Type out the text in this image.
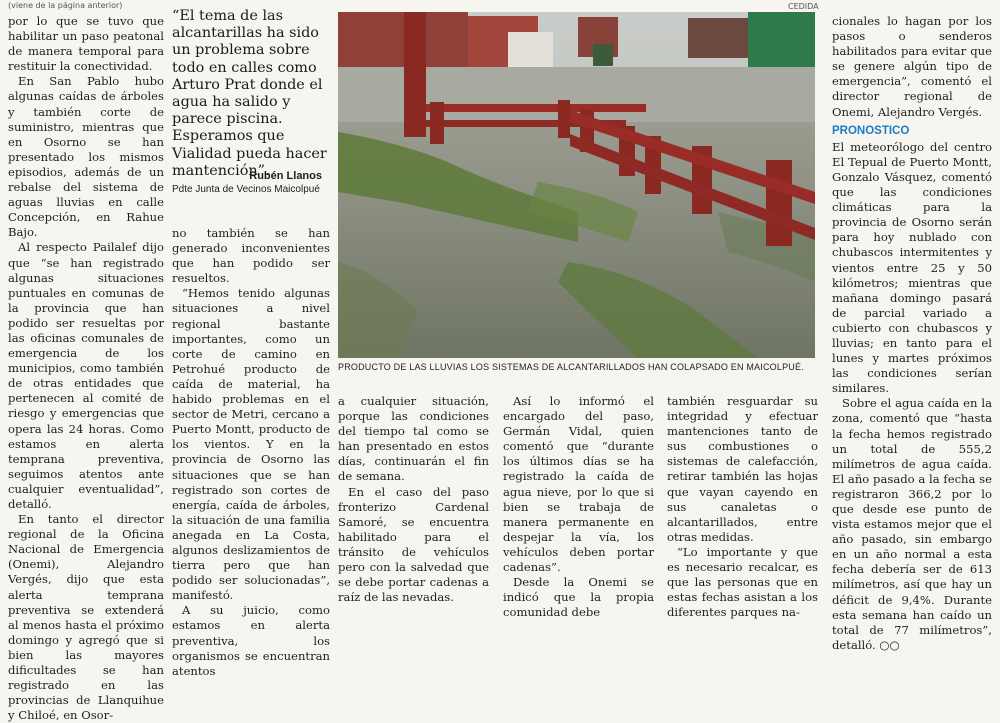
(viene de la página anterior)	CEDIDA

por lo que se tuvo que habilitar un paso peatonal de manera temporal para restituir la conectividad.

En San Pablo hubo algunas caídas de árboles y también corte de suministro, mientras que en Osorno se han presentado los mismos episodios, además de un rebalse del sistema de aguas lluvias en calle Concepción, en Rahue Bajo.

Al respecto Pailalef dijo que “se han registrado algunas situaciones puntuales en comunas de la provincia que han podido ser resueltas por las oficinas comunales de emergencia de los municipios, como también de otras entidades que pertenecen al comité de riesgo y emergencias que opera las 24 horas. Como estamos en alerta temprana preventiva, seguimos atentos ante cualquier eventualidad”, detalló.

En tanto el director regional de la Oficina Nacional de Emergencia (Onemi), Alejandro Vergés, dijo que esta alerta temprana preventiva se extenderá al menos hasta el próximo domingo y agregó que si bien las mayores dificultades se han registrado en las provincias de Llanquihue y Chiloé, en Osor-

“El tema de las alcantarillas ha sido un problema sobre todo en calles como Arturo Prat donde el agua ha salido y parece piscina. Esperamos que Vialidad pueda hacer mantención”.
Rubén Llanos
Pdte Junta de Vecinos Maicolpué

no también se han generado inconvenientes que han podido ser resueltos.

“Hemos tenido algunas situaciones a nivel regional bastante importantes, como un corte de camino en Petrohué producto de caída de material, ha habido problemas en el sector de Metri, cercano a Puerto Montt, producto de los vientos. Y en la provincia de Osorno las situaciones que se han registrado son cortes de energía, caída de árboles, la situación de una familia anegada en La Costa, algunos deslizamientos de tierra pero que han podido ser solucionadas”, manifestó.

A su juicio, como estamos en alerta preventiva, los organismos se encuentran atentos

PRODUCTO DE LAS LLUVIAS LOS SISTEMAS DE ALCANTARILLADOS HAN COLAPSADO EN MAICOLPUÉ.

a cualquier situación, porque las condiciones del tiempo tal como se han presentado en estos días, continuarán el fin de semana.

En el caso del paso fronterizo Cardenal Samoré, se encuentra habilitado para el tránsito de vehículos pero con la salvedad que se debe portar cadenas a raíz de las nevadas.

Así lo informó el encargado del paso, Germán Vidal, quien comentó que “durante los últimos días se ha registrado la caída de agua nieve, por lo que si bien se trabaja de manera permanente en despejar la vía, los vehículos deben portar cadenas”.

Desde la Onemi se indicó que la propia comunidad debe

también resguardar su integridad y efectuar mantenciones tanto de sus combustiones o sistemas de calefacción, retirar también las hojas que vayan cayendo en sus canaletas o alcantarillados, entre otras medidas.

“Lo importante y que es necesario recalcar, es que las personas que en estas fechas asistan a los diferentes parques na-

cionales lo hagan por los pasos o senderos habilitados para evitar que se genere algún tipo de emergencia”, comentó el director regional de Onemi, Alejandro Vergés.

PRONOSTICO

El meteorólogo del centro El Tepual de Puerto Montt, Gonzalo Vásquez, comentó que las condiciones climáticas para la provincia de Osorno serán para hoy nublado con chubascos intermitentes y vientos entre 25 y 50 kilómetros; mientras que mañana domingo pasará de parcial variado a cubierto con chubascos y lluvias; en tanto para el lunes y martes próximos las condiciones serían similares.

Sobre el agua caída en la zona, comentó que “hasta la fecha hemos registrado un total de 555,2 milímetros de agua caída. El año pasado a la fecha se registraron 366,2 por lo que desde ese punto de vista estamos mejor que el año pasado, sin embargo en un año normal a esta fecha debería ser de 613 milímetros, así que hay un déficit de 9,4%. Durante esta semana han caído un total de 77 milímetros”, detalló. ○○
